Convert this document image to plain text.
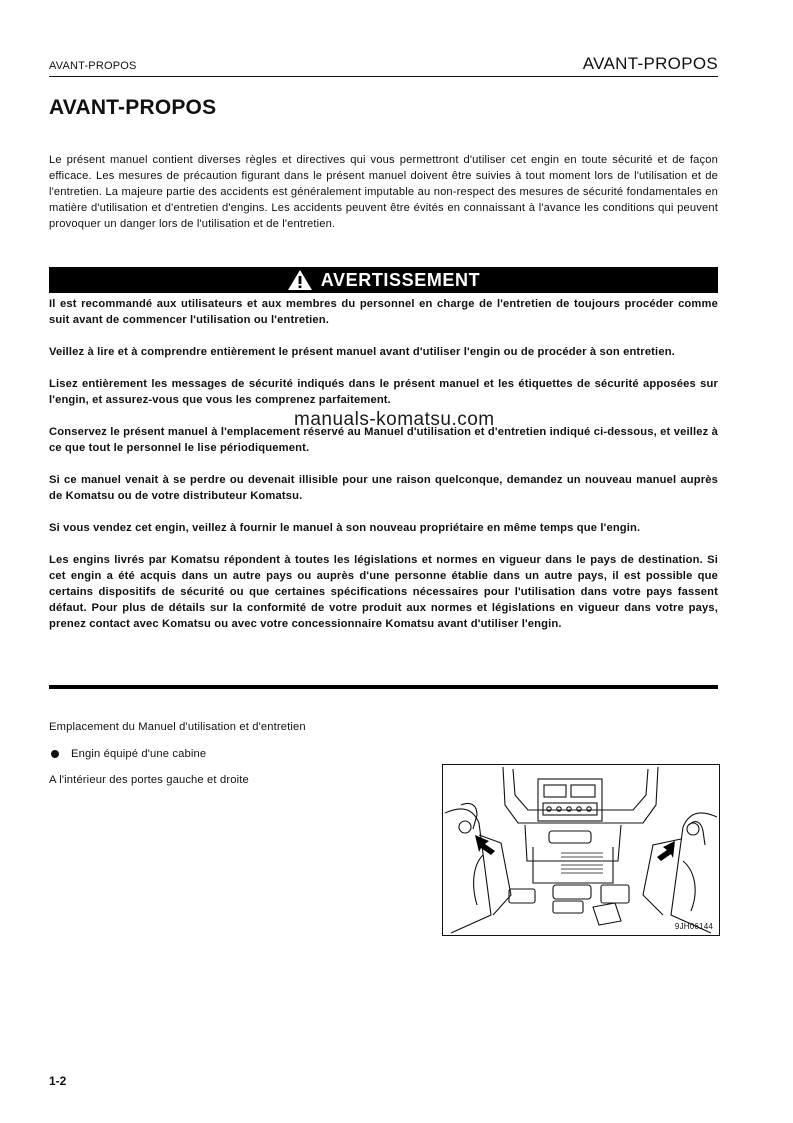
AVANT-PROPOS	AVANT-PROPOS
AVANT-PROPOS

Le présent manuel contient diverses règles et directives qui vous permettront d'utiliser cet engin en toute sécurité et de façon efficace. Les mesures de précaution figurant dans le présent manuel doivent être suivies à tout moment lors de l'utilisation et de l'entretien. La majeure partie des accidents est généralement imputable au non-respect des mesures de sécurité fondamentales en matière d'utilisation et d'entretien d'engins. Les accidents peuvent être évités en connaissant à l'avance les conditions qui peuvent provoquer un danger lors de l'utilisation et de l'entretien.

AVERTISSEMENT

Il est recommandé aux utilisateurs et aux membres du personnel en charge de l'entretien de toujours procéder comme suit avant de commencer l'utilisation ou l'entretien.

Veillez à lire et à comprendre entièrement le présent manuel avant d'utiliser l'engin ou de procéder à son entretien.

Lisez entièrement les messages de sécurité indiqués dans le présent manuel et les étiquettes de sécurité apposées sur l'engin, et assurez-vous que vous les comprenez parfaitement.

Conservez le présent manuel à l'emplacement réservé au Manuel d'utilisation et d'entretien indiqué ci-dessous, et veillez à ce que tout le personnel le lise périodiquement.

Si ce manuel venait à se perdre ou devenait illisible pour une raison quelconque, demandez un nouveau manuel auprès de Komatsu ou de votre distributeur Komatsu.

Si vous vendez cet engin, veillez à fournir le manuel à son nouveau propriétaire en même temps que l'engin.

Les engins livrés par Komatsu répondent à toutes les législations et normes en vigueur dans le pays de destination. Si cet engin a été acquis dans un autre pays ou auprès d'une personne établie dans un autre pays, il est possible que certains dispositifs de sécurité ou que certaines spécifications nécessaires pour l'utilisation dans votre pays fassent défaut. Pour plus de détails sur la conformité de votre produit aux normes et législations en vigueur dans votre pays, prenez contact avec Komatsu ou avec votre concessionnaire Komatsu avant d'utiliser l'engin.

manuals-komatsu.com
Emplacement du Manuel d'utilisation et d'entretien
Engin équipé d'une cabine
A l'intérieur des portes gauche et droite
9JH06144
1-2
